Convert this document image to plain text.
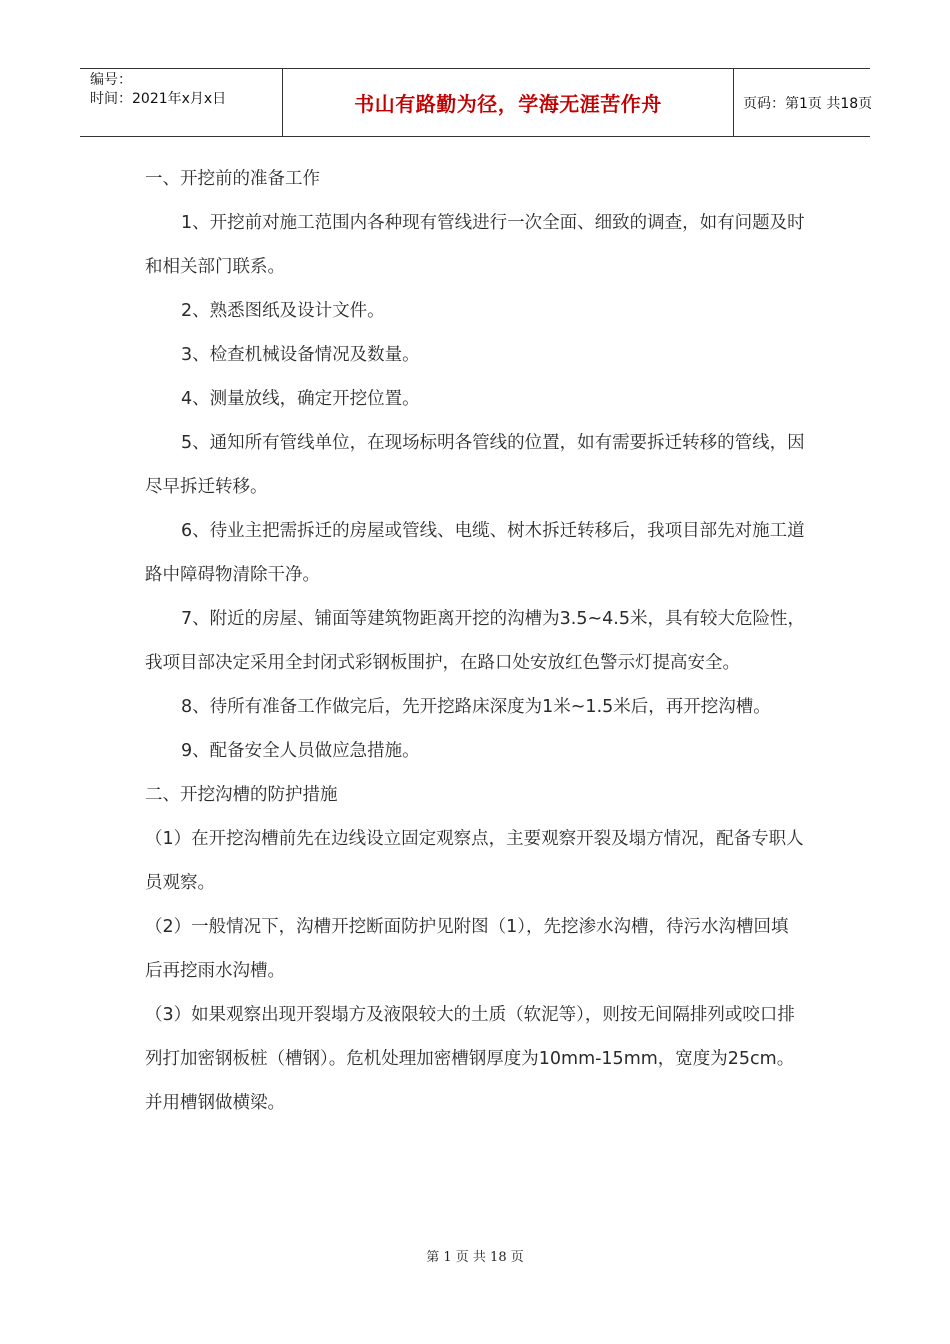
编号：
时间：2021年x月x日	书山有路勤为径，学海无涯苦作舟	页码：第1页 共18页

一、开挖前的准备工作

1、开挖前对施工范围内各种现有管线进行一次全面、细致的调查，如有问题及时和相关部门联系。

2、熟悉图纸及设计文件。

3、检查机械设备情况及数量。

4、测量放线，确定开挖位置。

5、通知所有管线单位，在现场标明各管线的位置，如有需要拆迁转移的管线，因尽早拆迁转移。

6、待业主把需拆迁的房屋或管线、电缆、树木拆迁转移后，我项目部先对施工道路中障碍物清除干净。

7、附近的房屋、铺面等建筑物距离开挖的沟槽为3.5~4.5米，具有较大危险性，我项目部决定采用全封闭式彩钢板围护，在路口处安放红色警示灯提高安全。

8、待所有准备工作做完后，先开挖路床深度为1米~1.5米后，再开挖沟槽。

9、配备安全人员做应急措施。

二、开挖沟槽的防护措施

（1）在开挖沟槽前先在边线设立固定观察点，主要观察开裂及塌方情况，配备专职人员观察。

（2）一般情况下，沟槽开挖断面防护见附图（1），先挖渗水沟槽，待污水沟槽回填后再挖雨水沟槽。

（3）如果观察出现开裂塌方及液限较大的土质（软泥等），则按无间隔排列或咬口排列打加密钢板桩（槽钢）。危机处理加密槽钢厚度为10mm-15mm，宽度为25cm。并用槽钢做横梁。

第 1 页 共 18 页
